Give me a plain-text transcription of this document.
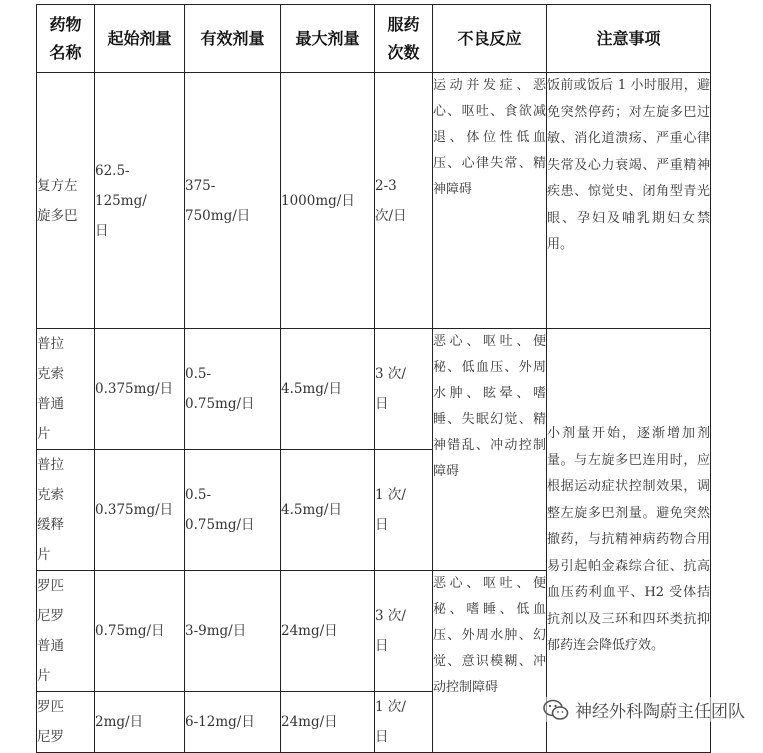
药物名称	起始剂量	有效剂量	最大剂量	服药次数	不良反应	注意事项

复方左旋多巴	62.5-125mg/日	375-750mg/日	1000mg/日	2-3 次/日	运动并发症、恶心、呕吐、食欲减退、体位性低血压、心律失常、精神障碍	饭前或饭后 1 小时服用，避免突然停药；对左旋多巴过敏、消化道溃疡、严重心律失常及心力衰竭、严重精神疾患、惊觉史、闭角型青光眼、孕妇及哺乳期妇女禁用。

普拉克索普通片	0.375mg/日	0.5-0.75mg/日	4.5mg/日	3 次/日	恶心、呕吐、便秘、低血压、外周水肿、眩晕、嗜睡、失眠幻觉、精神错乱、冲动控制障碍	小剂量开始，逐渐增加剂量。与左旋多巴连用时，应根据运动症状控制效果，调整左旋多巴剂量。避免突然撤药，与抗精神病药物合用易引起帕金森综合征、抗高血压药利血平、H2 受体拮抗剂以及三环和四环类抗抑郁药连会降低疗效。

普拉克索缓释片	0.375mg/日	0.5-0.75mg/日	4.5mg/日	1 次/日		

罗匹尼罗普通片	0.75mg/日	3-9mg/日	24mg/日	3 次/日	恶心、呕吐、便秘、嗜睡、低血压、外周水肿、幻觉、意识模糊、冲动控制障碍	

罗匹尼罗	2mg/日	6-12mg/日	24mg/日	1 次/日		
神经外科陶蔚主任团队
